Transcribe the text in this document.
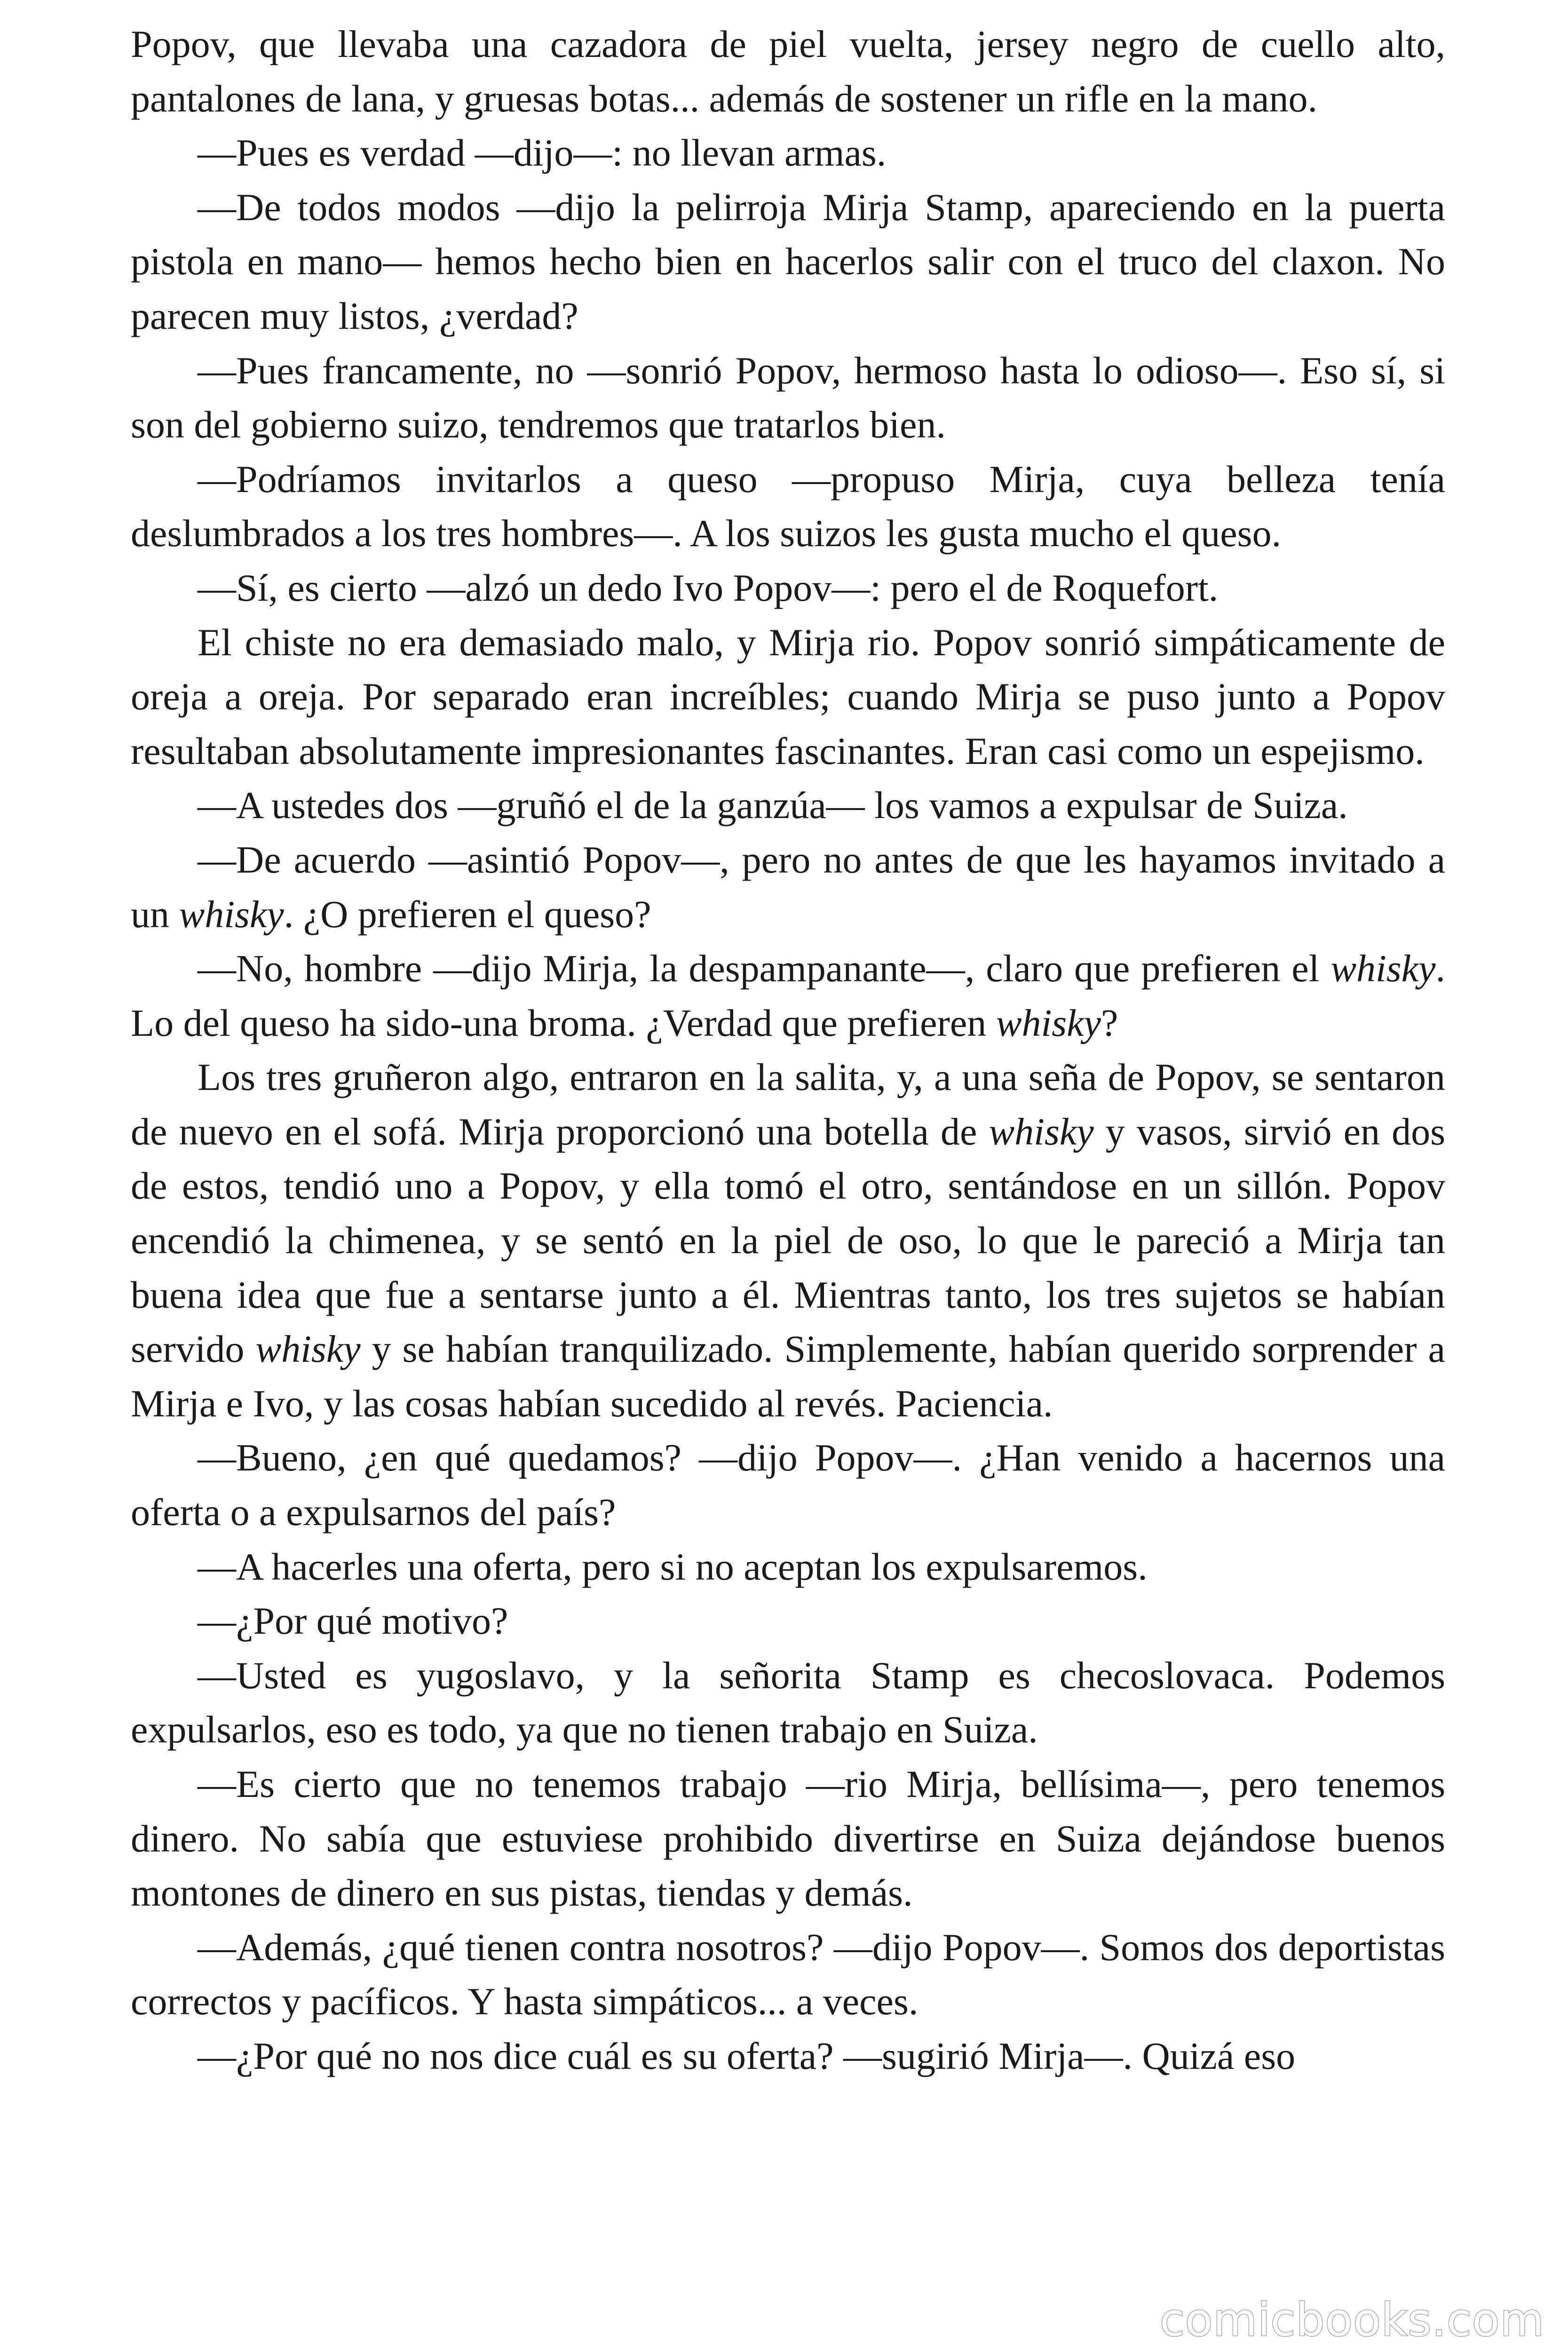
Popov, que llevaba una cazadora de piel vuelta, jersey negro de cuello alto, pantalones de lana, y gruesas botas... además de sostener un rifle en la mano.

—Pues es verdad —dijo—: no llevan armas.

—De todos modos —dijo la pelirroja Mirja Stamp, apareciendo en la puerta pistola en mano— hemos hecho bien en hacerlos salir con el truco del claxon. No parecen muy listos, ¿verdad?

—Pues francamente, no —sonrió Popov, hermoso hasta lo odioso—. Eso sí, si son del gobierno suizo, tendremos que tratarlos bien.

—Podríamos invitarlos a queso —propuso Mirja, cuya belleza tenía deslumbrados a los tres hombres—. A los suizos les gusta mucho el queso.

—Sí, es cierto —alzó un dedo Ivo Popov—: pero el de Roquefort.

El chiste no era demasiado malo, y Mirja rio. Popov sonrió simpáticamente de oreja a oreja. Por separado eran increíbles; cuando Mirja se puso junto a Popov resultaban absolutamente impresionantes fascinantes. Eran casi como un espejismo.

—A ustedes dos —gruñó el de la ganzúa— los vamos a expulsar de Suiza.

—De acuerdo —asintió Popov—, pero no antes de que les hayamos invitado a un whisky. ¿O prefieren el queso?

—No, hombre —dijo Mirja, la despampanante—, claro que prefieren el whisky. Lo del queso ha sido-una broma. ¿Verdad que prefieren whisky?

Los tres gruñeron algo, entraron en la salita, y, a una seña de Popov, se sentaron de nuevo en el sofá. Mirja proporcionó una botella de whisky y vasos, sirvió en dos de estos, tendió uno a Popov, y ella tomó el otro, sentándose en un sillón. Popov encendió la chimenea, y se sentó en la piel de oso, lo que le pareció a Mirja tan buena idea que fue a sentarse junto a él. Mientras tanto, los tres sujetos se habían servido whisky y se habían tranquilizado. Simplemente, habían querido sorprender a Mirja e Ivo, y las cosas habían sucedido al revés. Paciencia.

—Bueno, ¿en qué quedamos? —dijo Popov—. ¿Han venido a hacernos una oferta o a expulsarnos del país?

—A hacerles una oferta, pero si no aceptan los expulsaremos.

—¿Por qué motivo?

—Usted es yugoslavo, y la señorita Stamp es checoslovaca. Podemos expulsarlos, eso es todo, ya que no tienen trabajo en Suiza.

—Es cierto que no tenemos trabajo —rio Mirja, bellísima—, pero tenemos dinero. No sabía que estuviese prohibido divertirse en Suiza dejándose buenos montones de dinero en sus pistas, tiendas y demás.

—Además, ¿qué tienen contra nosotros? —dijo Popov—. Somos dos deportistas correctos y pacíficos. Y hasta simpáticos... a veces.

—¿Por qué no nos dice cuál es su oferta? —sugirió Mirja—. Quizá eso

comicbooks.com
